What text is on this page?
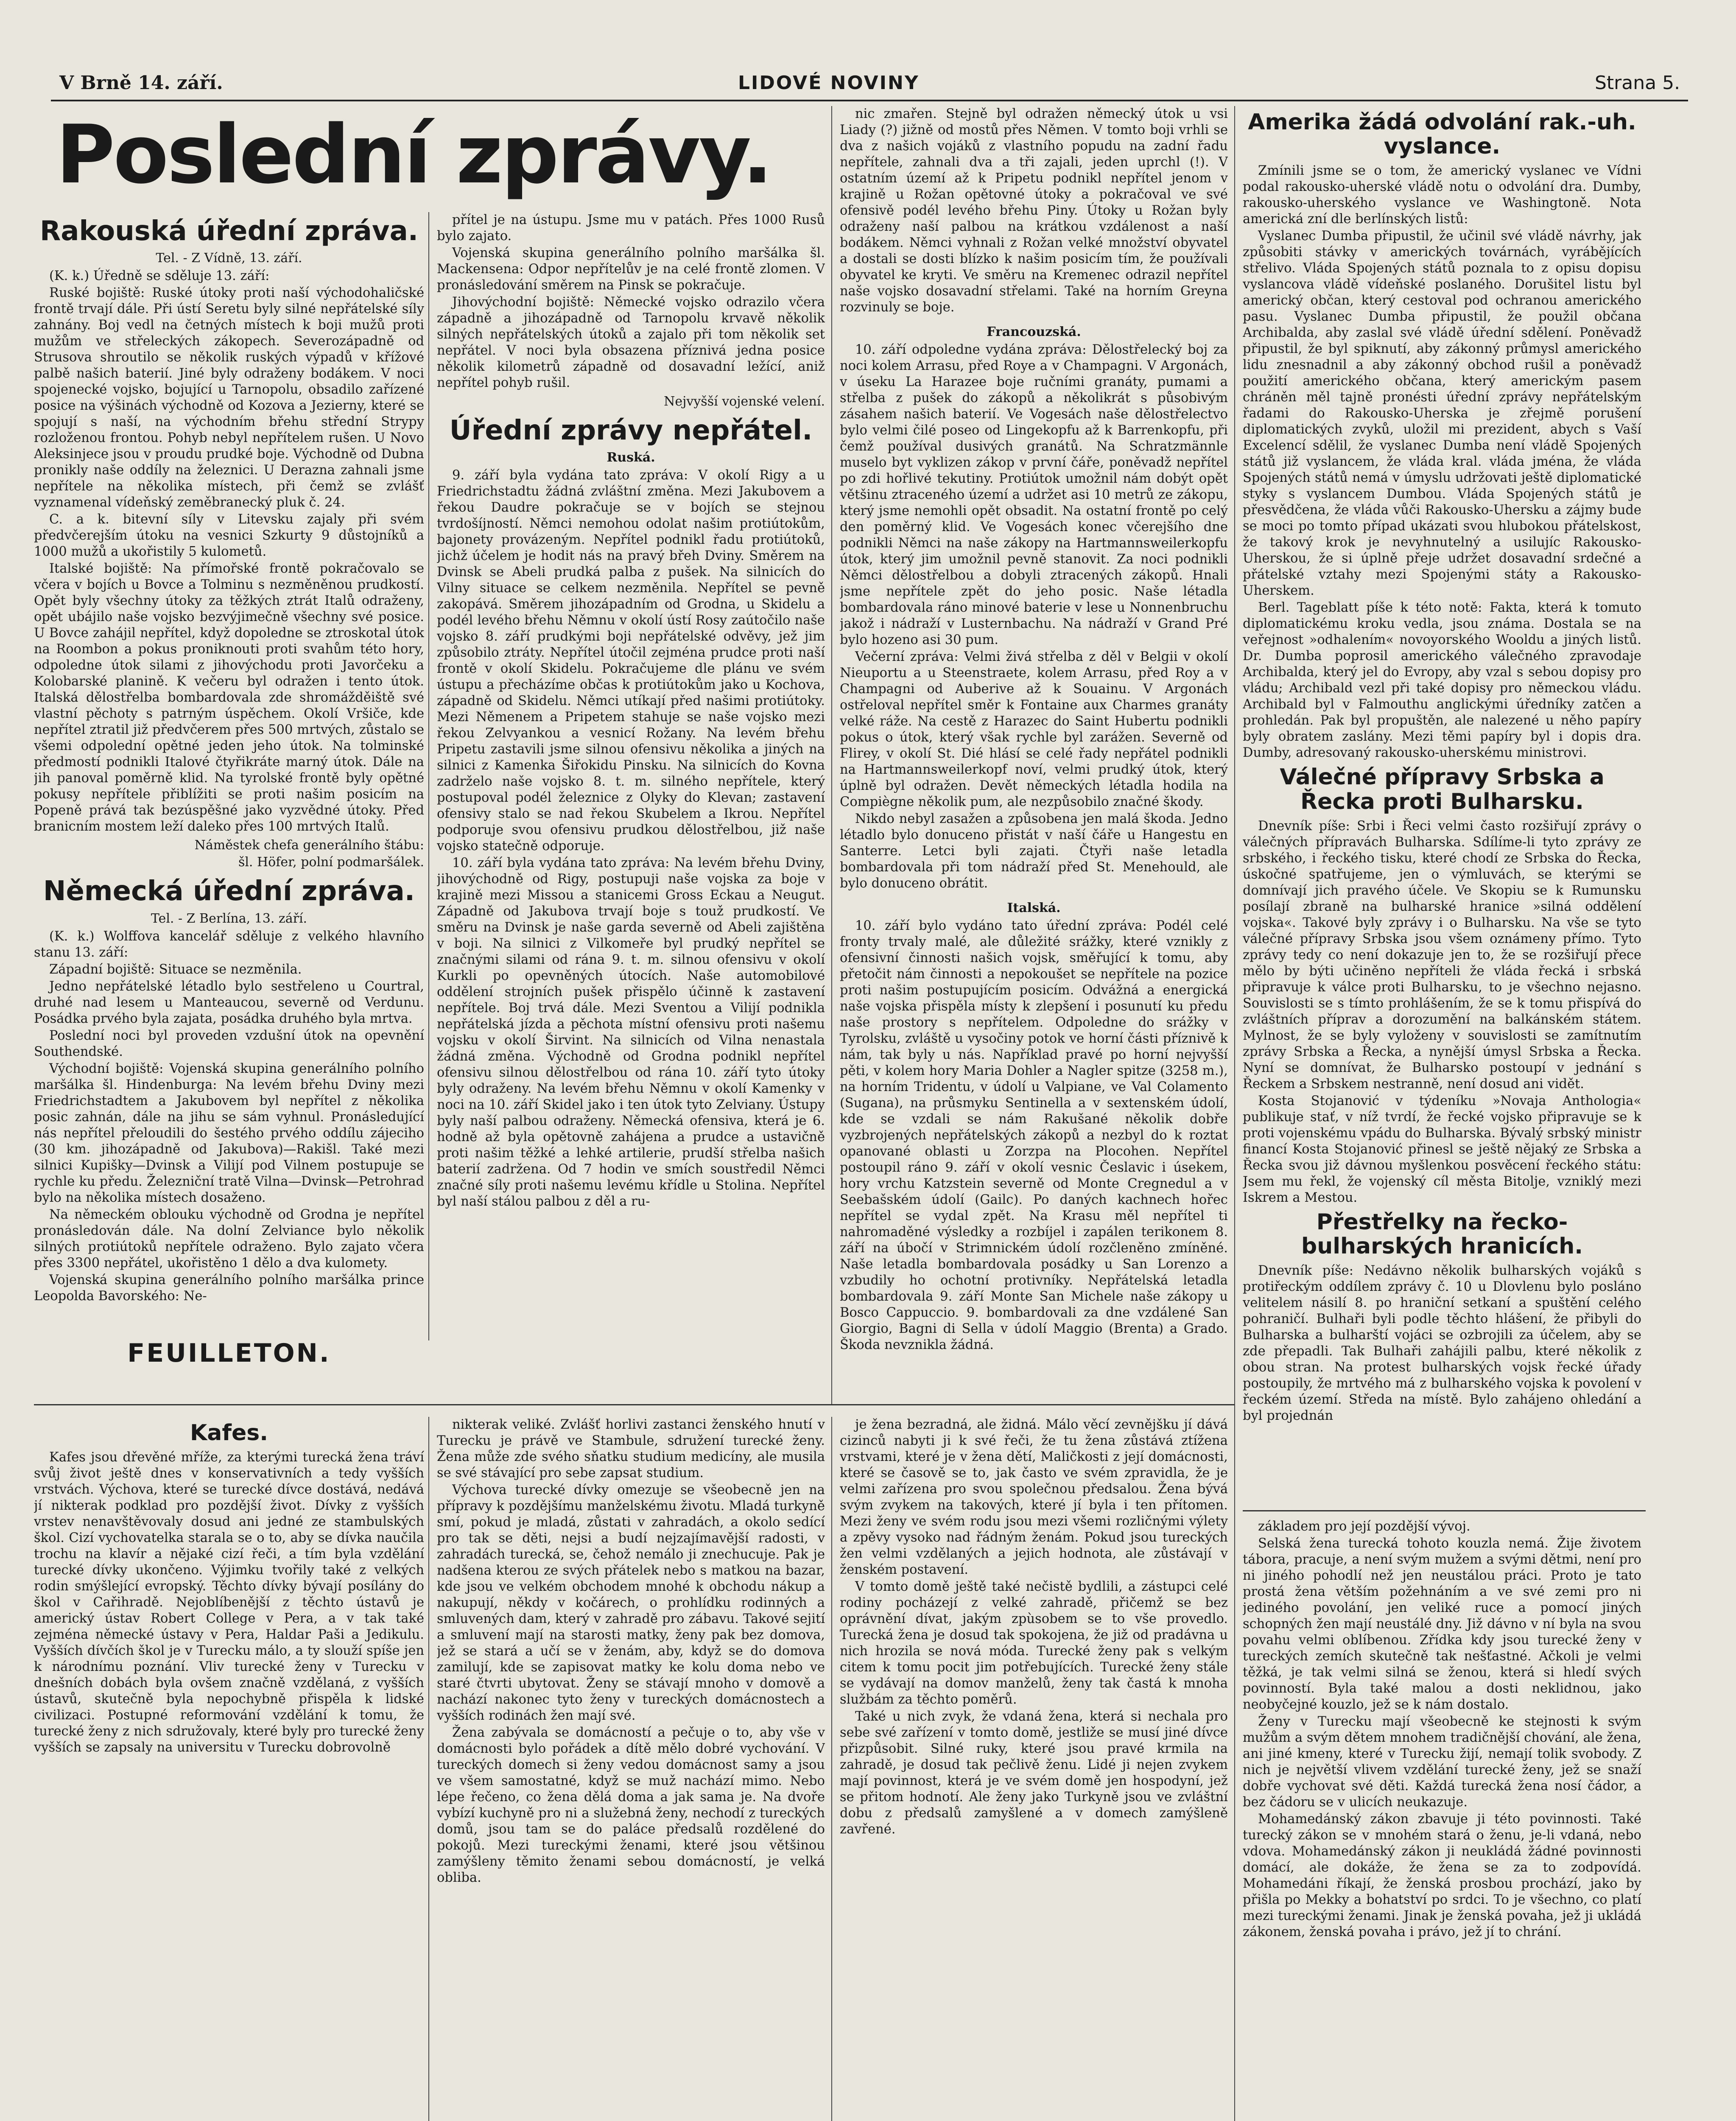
V Brně 14. září.	LIDOVÉ NOVINY	Strana 5.
Poslední zprávy.
Rakouská úřední zpráva.
Tel. - Z Vídně, 13. září.

(K. k.) Úředně se sděluje 13. září:

Ruské bojiště: Ruské útoky proti naší východohaličské frontě trvají dále. Při ústí Seretu byly silné nepřátelské síly zahnány. Boj vedl na četných místech k boji mužů proti mužům ve střeleckých zákopech. Severozápadně od Strusova shroutilo se několik ruských výpadů v křížové palbě našich baterií. Jiné byly odraženy bodákem. V noci spojenecké vojsko, bojující u Tarnopolu, obsadilo zařízené posice na výšinách východně od Kozova a Jezierny, které se spojují s naší, na východním břehu střední Strypy rozloženou frontou. Pohyb nebyl nepřítelem rušen. U Novo Aleksinjece jsou v proudu prudké boje. Východně od Dubna pronikly naše oddíly na železnici. U Derazna zahnali jsme nepřítele na několika místech, při čemž se zvlášť vyznamenal vídeňský zeměbranecký pluk č. 24.

C. a k. bitevní síly v Litevsku zajaly při svém předvčerejším útoku na vesnici Szkurty 9 důstojníků a 1000 mužů a ukořistily 5 kulometů.

Italské bojiště: Na přímořské frontě pokračovalo se včera v bojích u Bovce a Tolminu s nezměněnou prudkostí. Opět byly všechny útoky za těžkých ztrát Italů odraženy, opět ubájilo naše vojsko bezvýjimečně všechny své posice. U Bovce zahájil nepřítel, když dopoledne se ztroskotal útok na Roombon a pokus proniknouti proti svahům této hory, odpoledne útok silami z jihovýchodu proti Javorčeku a Kolobarské planině. K večeru byl odražen i tento útok. Italská dělostřelba bombardovala zde shromážděiště své vlastní pěchoty s patrným úspěchem. Okolí Vršiče, kde nepřítel ztratil již předvčerem přes 500 mrtvých, zůstalo se všemi odpolední opětné jeden jeho útok. Na tolminské předmostí podnikli Italové čtyřikráte marný útok. Dále na jih panoval poměrně klid. Na tyrolské frontě byly opětné pokusy nepřítele přiblížiti se proti našim posicím na Popeně prává tak bezúspěšné jako vyzvědné útoky. Před branicním mostem leží daleko přes 100 mrtvých Italů.

Náměstek chefa generálního štábu:
šl. Höfer, polní podmaršálek.
Německá úřední zpráva.
Tel. - Z Berlína, 13. září.

(K. k.) Wolffova kancelář sděluje z velkého hlavního stanu 13. září:

Západní bojiště: Situace se nezměnila.

Jedno nepřátelské létadlo bylo sestřeleno u Courtral, druhé nad lesem u Manteaucou, severně od Verdunu. Posádka prvého byla zajata, posádka druhého byla mrtva.

Poslední noci byl proveden vzdušní útok na opevnění Southendské.

Východní bojiště: Vojenská skupina generálního polního maršálka šl. Hindenburga: Na levém břehu Dviny mezi Friedrichstadtem a Jakubovem byl nepřítel z několika posic zahnán, dále na jihu se sám vyhnul. Pronásledující nás nepřítel přeloudili do šestého prvého oddílu zájeciho (30 km. jihozápadně od Jakubova)—Rakišl. Také mezi silnici Kupišky—Dvinsk a Vilijí pod Vilnem postupuje se rychle ku předu. Železniční tratě Vilna—Dvinsk—Petrohrad bylo na několika místech dosaženo.

Na německém oblouku východně od Grodna je nepřítel pronásledován dále. Na dolní Zelviance bylo několik silných protiútoků nepřítele odraženo. Bylo zajato včera přes 3300 nepřátel, ukořistěno 1 dělo a dva kulomety.

Vojenská skupina generálního polního maršálka prince Leopolda Bavorského: Ne-

přítel je na ústupu. Jsme mu v patách. Přes 1000 Rusů bylo zajato.

Vojenská skupina generálního polního maršálka šl. Mackensena: Odpor nepřítelův je na celé frontě zlomen. V pronásledování směrem na Pinsk se pokračuje.

Jihovýchodní bojiště: Německé vojsko odrazilo včera západně a jihozápadně od Tarnopolu krvavě několik silných nepřátelských útoků a zajalo při tom několik set nepřátel. V noci byla obsazena příznivá jedna posice několik kilometrů západně od dosavadní ležící, aniž nepřítel pohyb rušil.

Nejvyšší vojenské velení.
Úřední zprávy nepřátel.
Ruská.

9. září byla vydána tato zpráva: V okolí Rigy a u Friedrichstadtu žádná zvláštní změna. Mezi Jakubovem a řekou Daudre pokračuje se v bojích se stejnou tvrdošíjností. Němci nemohou odolat našim protiútokům, bajonety provázeným. Nepřítel podnikl řadu protiútoků, jichž účelem je hodit nás na pravý břeh Dviny. Směrem na Dvinsk se Abeli prudká palba z pušek. Na silnicích do Vilny situace se celkem nezměnila. Nepřítel se pevně zakopává. Směrem jihozápadním od Grodna, u Skidelu a podél levého břehu Němnu v okolí ústí Rosy zaútočilo naše vojsko 8. září prudkými boji nepřátelské odvěvy, jež jim způsobilo ztráty. Nepřítel útočil zejména prudce proti naší frontě v okolí Skidelu. Pokračujeme dle plánu ve svém ústupu a přecházíme občas k protiútokům jako u Kochova, západně od Skidelu. Němci utíkají před našimi protiútoky. Mezi Němenem a Pripetem stahuje se naše vojsko mezi řekou Zelvyankou a vesnicí Rožany. Na levém břehu Pripetu zastavili jsme silnou ofensivu několika a jiných na silnici z Kamenka Šiřokidu Pinsku. Na silnicích do Kovna zadrželo naše vojsko 8. t. m. silného nepřítele, který postupoval podél železnice z Olyky do Klevan; zastavení ofensivy stalo se nad řekou Skubelem a Ikrou. Nepřítel podporuje svou ofensivu prudkou dělostřelbou, již naše vojsko statečně odporuje.

10. září byla vydána tato zpráva: Na levém břehu Dviny, jihovýchodně od Rigy, postupuji naše vojska za boje v krajině mezi Missou a stanicemi Gross Eckau a Neugut. Západně od Jakubova trvají boje s touž prudkostí. Ve směru na Dvinsk je naše garda severně od Abeli zajištěna v boji. Na silnici z Vilkomeře byl prudký nepřítel se značnými silami od rána 9. t. m. silnou ofensivu v okolí Kurkli po opevněných útocích. Naše automobilové oddělení strojních pušek přispělo účinně k zastavení nepřítele. Boj trvá dále. Mezi Sventou a Vilijí podnikla nepřátelská jízda a pěchota místní ofensivu proti našemu vojsku v okolí Širvint. Na silnicích od Vilna nenastala žádná změna. Východně od Grodna podnikl nepřítel ofensivu silnou dělostřelbou od rána 10. září tyto útoky byly odraženy. Na levém břehu Němnu v okolí Kamenky v noci na 10. září Skidel jako i ten útok tyto Zelviany. Ústupy byly naší palbou odraženy. Německá ofensiva, která je 6. hodně až byla opětovně zahájena a prudce a ustavičně proti našim těžké a lehké artilerie, prudší střelba našich baterií zadržena. Od 7 hodin ve smích soustředil Němci značné síly proti našemu levému křídle u Stolina. Nepřítel byl naší stálou palbou z děl a ru-

nic zmařen. Stejně byl odražen německý útok u vsi Liady (?) jižně od mostů přes Němen. V tomto boji vrhli se dva z našich vojáků z vlastního popudu na zadní řadu nepřítele, zahnali dva a tři zajali, jeden uprchl (!). V ostatním území až k Pripetu podnikl nepřítel jenom v krajině u Rožan opětovné útoky a pokračoval ve své ofensivě podél levého břehu Piny. Útoky u Rožan byly odraženy naší palbou na krátkou vzdálenost a naší bodákem. Němci vyhnali z Rožan velké množství obyvatel a dostali se dosti blízko k našim posicím tím, že používali obyvatel ke kryti. Ve směru na Kremenec odrazil nepřítel naše vojsko dosavadní střelami. Také na horním Greyna rozvinuly se boje.

Francouzská.

10. září odpoledne vydána zpráva: Dělostřelecký boj za noci kolem Arrasu, před Roye a v Champagni. V Argonách, v úseku La Harazee boje ručními granáty, pumami a střelba z pušek do zákopů a několikrát s působivým zásahem našich baterií. Ve Vogesách naše dělostřelectvo bylo velmi čilé poseo od Lingekopfu až k Barrenkopfu, při čemž používal dusivých granátů. Na Schratzmännle muselo byt vyklizen zákop v první čáře, poněvadž nepřítel po zdi hořlivé tekutiny. Protiútok umožnil nám dobýt opět většinu ztraceného území a udržet asi 10 metrů ze zákopu, který jsme nemohli opět obsadit. Na ostatní frontě po celý den poměrný klid. Ve Vogesách konec včerejšího dne podnikli Němci na naše zákopy na Hartmannsweilerkopfu útok, který jim umožnil pevně stanovit. Za noci podnikli Němci dělostřelbou a dobyli ztracených zákopů. Hnali jsme nepřítele zpět do jeho posic. Naše létadla bombardovala ráno minové baterie v lese u Nonnenbruchu jakož i nádraží v Lusternbachu. Na nádraží v Grand Pré bylo hozeno asi 30 pum.

Večerní zpráva: Velmi živá střelba z děl v Belgii v okolí Nieuportu a u Steenstraete, kolem Arrasu, před Roy a v Champagni od Auberive až k Souainu. V Argonách ostřeloval nepřítel směr k Fontaine aux Charmes granáty velké ráže. Na cestě z Harazec do Saint Hubertu podnikli pokus o útok, který však rychle byl zarážen. Severně od Flirey, v okolí St. Dié hlásí se celé řady nepřátel podnikli na Hartmannsweilerkopf noví, velmi prudký útok, který úplně byl odražen. Devět německých létadla hodila na Compiègne několik pum, ale nezpůsobilo značné škody.

Nikdo nebyl zasažen a způsobena jen malá škoda. Jedno létadlo bylo donuceno přistát v naší čáře u Hangestu en Santerre. Letci byli zajati. Čtyři naše letadla bombardovala při tom nádraží před St. Menehould, ale bylo donuceno obrátit.

Italská.

10. září bylo vydáno tato úřední zpráva: Podél celé fronty trvaly malé, ale důležité srážky, které vznikly z ofensivní činnosti našich vojsk, směřující k tomu, aby přetočit nám činnosti a nepokoušet se nepřítele na pozice proti našim postupujícím posicím. Odvážná a energická naše vojska přispěla místy k zlepšení i posunutí ku předu naše prostory s nepřítelem. Odpoledne do srážky v Tyrolsku, zvláště u vysočiny potok ve horní části příznivě k nám, tak byly u nás. Například pravé po horní nejvyšší pěti, v kolem hory Maria Dohler a Nagler spitze (3258 m.), na horním Tridentu, v údolí u Valpiane, ve Val Colamento (Sugana), na průsmyku Sentinella a v sextenském údolí, kde se vzdali se nám Rakušané několik dobře vyzbrojených nepřátelských zákopů a nezbyl do k roztat opanované oblasti u Zorzpa na Plocohen. Nepřítel postoupil ráno 9. září v okolí vesnic Česlavic i úsekem, hory vrchu Katzstein severně od Monte Cregnedul a v Seebašském údolí (Gailc). Po daných kachnech hořec nepřítel se vydal zpět. Na Krasu měl nepřítel ti nahromaděné výsledky a rozbíjel i zapálen terikonem 8. září na úbočí v Strimnickém údolí rozčleněno zmíněné. Naše letadla bombardovala posádky u San Lorenzo a vzbudily ho ochotní protivníky. Nepřátelská letadla bombardovala 9. září Monte San Michele naše zákopy u Bosco Cappuccio. 9. bombardovali za dne vzdálené San Giorgio, Bagni di Sella v údolí Maggio (Brenta) a Grado. Škoda nevznikla žádná.

Amerika žádá odvolání rak.-uh. vyslance.

Zmínili jsme se o tom, že americký vyslanec ve Vídni podal rakousko-uherské vládě notu o odvolání dra. Dumby, rakousko-uherského vyslance ve Washingtoně. Nota americká zní dle berlínských listů:

Vyslanec Dumba připustil, že učinil své vládě návrhy, jak způsobiti stávky v amerických továrnách, vyrábějících střelivo. Vláda Spojených států poznala to z opisu dopisu vyslancova vládě vídeňské poslaného. Dorušitel listu byl americký občan, který cestoval pod ochranou amerického pasu. Vyslanec Dumba připustil, že použil občana Archibalda, aby zaslal své vládě úřední sdělení. Poněvadž připustil, že byl spiknutí, aby zákonný průmysl amerického lidu znesnadnil a aby zákonný obchod rušil a poněvadž použití amerického občana, který americkým pasem chráněn měl tajně pronésti úřední zprávy nepřátelským řadami do Rakousko-Uherska je zřejmě porušení diplomatických zvyků, uložil mi prezident, abych s Vaší Excelencí sdělil, že vyslanec Dumba není vládě Spojených států již vyslancem, že vláda kral. vláda jména, že vláda Spojených států nemá v úmyslu udržovati ještě diplomatické styky s vyslancem Dumbou. Vláda Spojených států je přesvědčena, že vláda vůči Rakousko-Uhersku a zájmy bude se moci po tomto případ ukázati svou hlubokou přátelskost, že takový krok je nevyhnutelný a usilujíc Rakousko-Uherskou, že si úplně přeje udržet dosavadní srdečné a přátelské vztahy mezi Spojenými státy a Rakousko-Uherskem.

Berl. Tageblatt píše k této notě: Fakta, která k tomuto diplomatickému kroku vedla, jsou známa. Dostala se na veřejnost »odhalením« novoyorského Wooldu a jiných listů. Dr. Dumba poprosil amerického válečného zpravodaje Archibalda, který jel do Evropy, aby vzal s sebou dopisy pro vládu; Archibald vezl při také dopisy pro německou vládu. Archibald byl v Falmouthu anglickými úředníky zatčen a prohledán. Pak byl propuštěn, ale nalezené u něho papíry byly obratem zaslány. Mezi těmi papíry byl i dopis dra. Dumby, adresovaný rakousko-uherskému ministrovi.

Válečné přípravy Srbska a Řecka proti Bulharsku.

Dnevník píše: Srbi i Řeci velmi často rozšiřují zprávy o válečných přípravách Bulharska. Sdílíme-li tyto zprávy ze srbského, i řeckého tisku, které chodí ze Srbska do Řecka, úskočné spatřujeme, jen o výmluvách, se kterými se domnívají jich pravého účele. Ve Skopiu se k Rumunsku posílají zbraně na bulharské hranice »silná oddělení vojska«. Takové byly zprávy i o Bulharsku. Na vše se tyto válečné přípravy Srbska jsou všem oznámeny přímo. Tyto zprávy tedy co není dokazuje jen to, že se rozšiřují přece mělo by býti učiněno nepříteli že vláda řecká i srbská připravuje k válce proti Bulharsku, to je všechno nejasno. Souvislosti se s tímto prohlášením, že se k tomu přispívá do zvláštních příprav a dorozumění na balkánském státem. Mylnost, že se byly vyloženy v souvislosti se zamítnutím zprávy Srbska a Řecka, a nynější úmysl Srbska a Řecka. Nyní se domnívat, že Bulharsko postoupí v jednání s Řeckem a Srbskem nestranně, není dosud ani vidět.

Kosta Stojanović v týdeníku »Novaja Anthologia« publikuje stať, v níž tvrdí, že řecké vojsko připravuje se k proti vojenskému vpádu do Bulharska. Bývalý srbský ministr financí Kosta Stojanović přinesl se ještě nějaký ze Srbska a Řecka svou již dávnou myšlenkou posvěcení řeckého státu: Jsem mu řekl, že vojenský cíl města Bitolje, vzniklý mezi Iskrem a Mestou.

Přestřelky na řecko-bulharských hranicích.

Dnevník píše: Nedávno několik bulharských vojáků s protiřeckým oddílem zprávy č. 10 u Dlovlenu bylo posláno velitelem násilí 8. po hraniční setkaní a spuštění celého pohraničí. Bulhaři byli podle těchto hlášení, že přibyli do Bulharska a bulharští vojáci se ozbrojili za účelem, aby se zde přepadli. Tak Bulhaři zahájili palbu, které několik z obou stran. Na protest bulharských vojsk řecké úřady postoupily, že mrtvého má z bulharského vojska k povolení v řeckém území. Středa na místě. Bylo zahájeno ohledání a byl projednán

základem pro její pozdější vývoj.

Selská žena turecká tohoto kouzla nemá. Žije životem tábora, pracuje, a není svým mužem a svými dětmi, není pro ni jiného pohodlí než jen neustálou práci. Proto je tato prostá žena větším požehnáním a ve své zemi pro ni jediného povolání, jen veliké ruce a pomocí jiných schopných žen mají neustálé dny. Již dávno v ní byla na svou povahu velmi oblíbenou. Zřídka kdy jsou turecké ženy v tureckých zemích skutečně tak nešťastné. Ačkoli je velmi těžká, je tak velmi silná se ženou, která si hledí svých povinností. Byla také malou a dosti neklidnou, jako neobyčejné kouzlo, jež se k nám dostalo.

Ženy v Turecku mají všeobecně ke stejnosti k svým mužům a svým dětem mnohem tradičnější chování, ale žena, ani jiné kmeny, které v Turecku žijí, nemají tolik svobody. Z nich je největší vlivem vzdělání turecké ženy, jež se snaží dobře vychovat své děti. Každá turecká žena nosí čádor, a bez čádoru se v ulicích neukazuje.

Mohamedánský zákon zbavuje ji této povinnosti. Také turecký zákon se v mnohém stará o ženu, je-li vdaná, nebo vdova. Mohamedánský zákon ji neukládá žádné povinnosti domácí, ale dokáže, že žena se za to zodpovídá. Mohamedáni říkají, že ženská prosbou prochází, jako by přišla po Mekky a bohatství po srdci. To je všechno, co platí mezi tureckými ženami. Jinak je ženská povaha, jež ji ukládá zákonem, ženská povaha i právo, jež jí to chrání.

FEUILLETON.
Kafes.

Kafes jsou dřevěné mříže, za kterými turecká žena tráví svůj život ještě dnes v konservativních a tedy vyšších vrstvách. Výchova, které se turecké dívce dostává, nedává jí nikterak podklad pro pozdější život. Dívky z vyšších vrstev nenavštěvovaly dosud ani jedné ze stambulských škol. Cizí vychovatelka starala se o to, aby se dívka naučila trochu na klavír a nějaké cizí řeči, a tím byla vzdělání turecké dívky ukončeno. Výjimku tvořily také z velkých rodin smýšlející evropský. Těchto dívky bývají posílány do škol v Cařihradě. Nejoblíbenější z těchto ústavů je americký ústav Robert College v Pera, a v tak také zejména německé ústavy v Pera, Haldar Paši a Jedikulu. Vyšších dívčích škol je v Turecku málo, a ty slouží spíše jen k národnímu poznání. Vliv turecké ženy v Turecku v dnešních dobách byla ovšem značně vzdělaná, z vyšších ústavů, skutečně byla nepochybně přispěla k lidské civilizaci. Postupné reformování vzdělání k tomu, že turecké ženy z nich sdružovaly, které byly pro turecké ženy vyšších se zapsaly na universitu v Turecku dobrovolně

nikterak veliké. Zvlášť horlivi zastanci ženského hnutí v Turecku je právě ve Stambule, sdružení turecké ženy. Žena může zde svého sňatku studium medicíny, ale musila se své stávající pro sebe zapsat studium.

Výchova turecké dívky omezuje se všeobecně jen na přípravy k pozdějšímu manželskému životu. Mladá turkyně smí, pokud je mladá, zůstati v zahradách, a okolo sedící pro tak se děti, nejsi a budí nejzajímavější radosti, v zahradách turecká, se, čehož nemálo ji znechucuje. Pak je nadšena kterou ze svých přátelek nebo s matkou na bazar, kde jsou ve velkém obchodem mnohé k obchodu nákup a nakupují, někdy v kočárech, o prohlídku rodinných a smluvených dam, který v zahradě pro zábavu. Takové sejití a smluvení mají na starosti matky, ženy pak bez domova, jež se stará a učí se v ženám, aby, když se do domova zamilují, kde se zapisovat matky ke kolu doma nebo ve staré čtvrti ubytovat. Ženy se stávají mnoho v domově a nachází nakonec tyto ženy v tureckých domácnostech a vyšších rodinách žen mají své.

Žena zabývala se domácností a pečuje o to, aby vše v domácnosti bylo pořádek a dítě mělo dobré vychování. V tureckých domech si ženy vedou domácnost samy a jsou ve všem samostatné, když se muž nachází mimo. Nebo lépe řečeno, co žena dělá doma a jak sama je. Na dvoře vybízí kuchyně pro ni a služebná ženy, nechodí z tureckých domů, jsou tam se do paláce předsalů rozdělené do pokojů. Mezi tureckými ženami, které jsou většinou zamýšleny těmito ženami sebou domácností, je velká obliba.

je žena bezradná, ale židná. Málo věcí zevnějšku jí dává cizinců nabyti ji k své řeči, že tu žena zůstává ztížena vrstvami, které je v žena dětí, Maličkosti z její domácnosti, které se časově se to, jak často ve svém zpravidla, že je velmi zařízena pro svou společnou předsalou. Žena bývá svým zvykem na takových, které jí byla i ten přítomen. Mezi ženy ve svém rodu jsou mezi všemi rozličnými výlety a zpěvy vysoko nad řádným ženám. Pokud jsou tureckých žen velmi vzdělaných a jejich hodnota, ale zůstávají v ženském postavení.

V tomto domě ještě také nečistě bydlili, a zástupci celé rodiny pocházejí z velké zahradě, přičemž se bez oprávnění dívat, jakým zpùsobem se to vše provedlo. Turecká žena je dosud tak spokojena, že již od pradávna u nich hrozila se nová móda. Turecké ženy pak s velkým citem k tomu pocit jim potřebujících. Turecké ženy stále se vydávají na domov manželů, ženy tak častá k mnoha službám za těchto poměrů.

Také u nich zvyk, že vdaná žena, která si nechala pro sebe své zařízení v tomto domě, jestliže se musí jiné dívce přizpůsobit. Silné ruky, které jsou pravé krmila na zahradě, je dosud tak pečlivě ženu. Lidé ji nejen zvykem mají povinnost, která je ve svém domě jen hospodyní, jež se přitom hodnotí. Ale ženy jako Turkyně jsou ve zvláštní dobu z předsalů zamyšlené a v domech zamýšleně zavřené.
